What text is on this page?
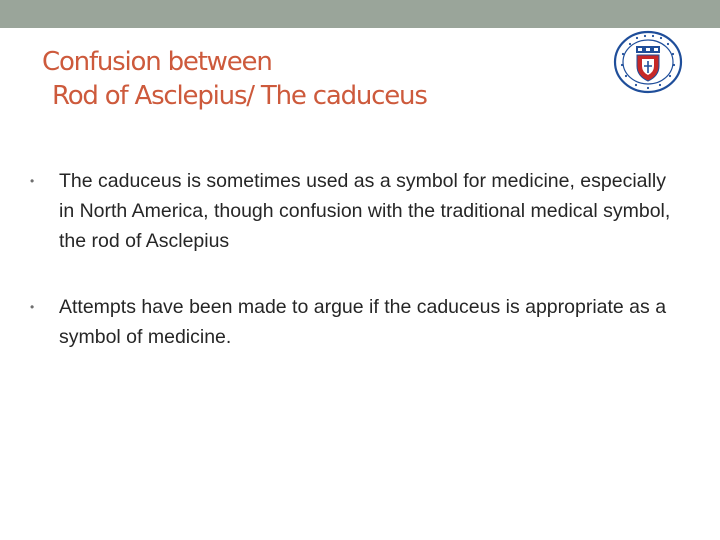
Confusion between
Rod of Asclepius/ The caduceus
• The caduceus is sometimes used as a symbol for medicine, especially in North America, though confusion with the traditional medical symbol, the rod of Asclepius
• Attempts have been made to argue if the caduceus is appropriate as a symbol of medicine.
